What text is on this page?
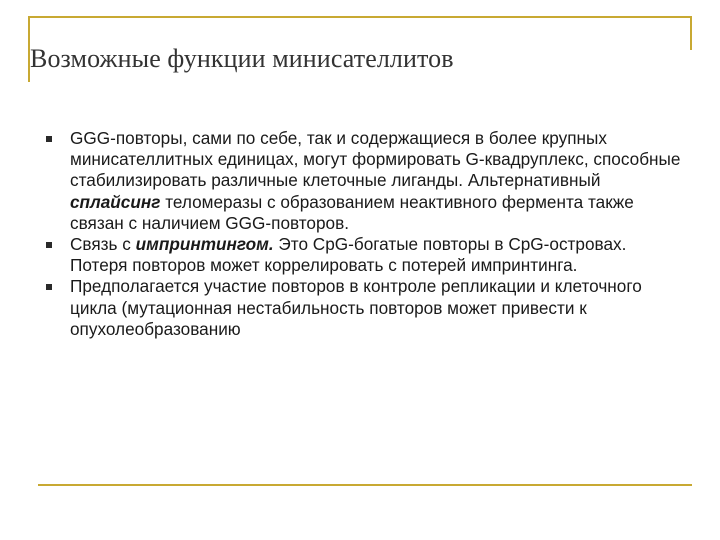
Возможные функции минисателлитов
GGG-повторы, сами по себе, так и содержащиеся в более крупных минисателлитных единицах, могут формировать G-квадруплекс, способные стабилизировать различные клеточные лиганды. Альтернативный сплайсинг теломеразы с образованием неактивного фермента также связан с наличием GGG-повторов.
Связь с импринтингом. Это CpG-богатые повторы в CpG-островах. Потеря повторов может коррелировать с потерей импринтинга.
Предполагается участие повторов в контроле репликации и клеточного цикла (мутационная нестабильность повторов может привести к опухолеобразованию
